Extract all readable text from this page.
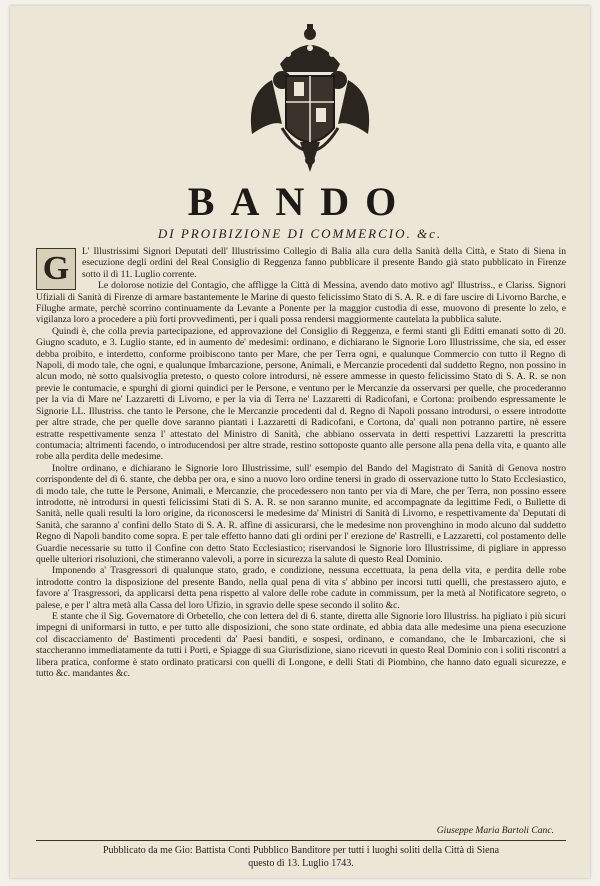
BANDO
DI PROIBIZIONE DI COMMERCIO. &c.

G	L' Illustrissimi Signori Deputati dell' Illustrissimo Collegio di Balia alla cura della Sanità della Città, e Stato di Siena in esecuzione degli ordini del Real Consiglio di Reggenza fanno pubblicare il presente Bando già stato pubblicato in Firenze sotto il dì 11. Luglio corrente.

Le dolorose notizie del Contagio, che affligge la Città di Messina, avendo dato motivo agl' Illustriss., e Clariss. Signori Ufiziali di Sanità di Firenze di armare bastantemente le Marine di questo felicissimo Stato di S. A. R. e di fare uscire di Livorno Barche, e Filughe armate, perchè scorrino continuamente da Levante a Ponente per la maggior custodia di esse, muovono di presente lo zelo, e vigilanza loro a procedere a più forti provvedimenti, per i quali possa rendersi maggiormente cautelata la pubblica salute.

Quindi è, che colla previa partecipazione, ed approvazione del Consiglio di Reggenza, e fermi stanti gli Editti emanati sotto di 20. Giugno scaduto, e 3. Luglio stante, ed in aumento de' medesimi: ordinano, e dichiarano le Signorie Loro Illustrissime, che sia, ed esser debba proibito, e interdetto, conforme proibiscono tanto per Mare, che per Terra ogni, e qualunque Commercio con tutto il Regno di Napoli, di modo tale, che ogni, e qualunque Imbarcazione, persone, Animali, e Mercanzie procedenti dal suddetto Regno, non possino in alcun modo, nè sotto qualsivoglia pretesto, o questo colore introdursi, nè essere ammesse in questo felicissimo Stato di S. A. R. se non previe le contumacie, e spurghi di giorni quindici per le Persone, e ventuno per le Mercanzie da osservarsi per quelle, che procederanno per la via di Mare ne' Lazzaretti di Livorno, e per la via di Terra ne' Lazzaretti di Radicofani, e Cortona: proibendo espressamente le Signorie LL. Illustriss. che tanto le Persone, che le Mercanzie procedenti dal d. Regno di Napoli possano introdursi, o essere introdotte per altre strade, che per quelle dove saranno piantati i Lazzaretti di Radicofani, e Cortona, da' quali non potranno partire, nè essere estratte respettivamente senza l' attestato del Ministro di Sanità, che abbiano osservata in detti respettivi Lazzaretti la prescritta contumacia; altrimenti facendo, o introducendosi per altre strade, restino sottoposte quanto alle persone alla pena della vita, e quanto alle robe alla perdita delle medesime.

Inoltre ordinano, e dichiarano le Signorie loro Illustrissime, sull' esempio del Bando del Magistrato di Sanità di Genova nostro corrispondente del dì 6. stante, che debba per ora, e sino a nuovo loro ordine tenersi in grado di osservazione tutto lo Stato Ecclesiastico, di modo tale, che tutte le Persone, Animali, e Mercanzie, che procedessero non tanto per via di Mare, che per Terra, non possino essere introdotte, nè introdursi in questi felicissimi Stati di S. A. R. se non saranno munite, ed accompagnate da legittime Fedi, o Bullette di Sanità, nelle quali resulti la loro origine, da riconoscersi le medesime da' Ministri di Sanità di Livorno, e respettivamente da' Deputati di Sanità, che saranno a' confini dello Stato di S. A. R. affine di assicurarsi, che le medesime non provenghino in modo alcuno dal suddetto Regno di Napoli bandito come sopra. E per tale effetto hanno dati gli ordini per l' erezione de' Rastrelli, e Lazzaretti, col postamento delle Guardie necessarie su tutto il Confine con detto Stato Ecclesiastico; riservandosi le Signorie loro Illustrissime, di pigliare in appresso quelle ulteriori risoluzioni, che stimeranno valevoli, a porre in sicurezza la salute di questo Real Dominio.

Imponendo a' Trasgressori di qualunque stato, grado, e condizione, nessuna eccettuata, la pena della vita, e perdita delle robe introdotte contro la disposizione del presente Bando, nella qual pena di vita s' abbino per incorsi tutti quelli, che prestassero ajuto, e favore a' Trasgressori, da applicarsi detta pena rispetto al valore delle robe cadute in commissum, per la metà al Notificatore segreto, o palese, e per l' altra metà alla Cassa del loro Ufizio, in sgravio delle spese secondo il solito &c.

E stante che il Sig. Governatore di Orbetello, che con lettera del dì 6. stante, diretta alle Signorie loro Illustriss. ha pigliato i più sicuri impegni di uniformarsi in tutto, e per tutto alle disposizioni, che sono state ordinate, ed abbia data alle medesime una piena esecuzione col discacciamento de' Bastimenti procedenti da' Paesi banditi, e sospesi, ordinano, e comandano, che le Imbarcazioni, che si staccheranno immediatamente da tutti i Porti, e Spiagge di sua Giurisdizione, siano ricevuti in questo Real Dominio con i soliti riscontri a libera pratica, conforme è stato ordinato praticarsi con quelli di Longone, e delli Stati di Piombino, che hanno dato eguali sicurezze, e tutto &c. mandantes &c.

Giuseppe Maria Bartoli Canc.
Pubblicato da me Gio: Battista Conti Pubblico Banditore per tutti i luoghi soliti della Città di Siena
questo dì 13. Luglio 1743.
